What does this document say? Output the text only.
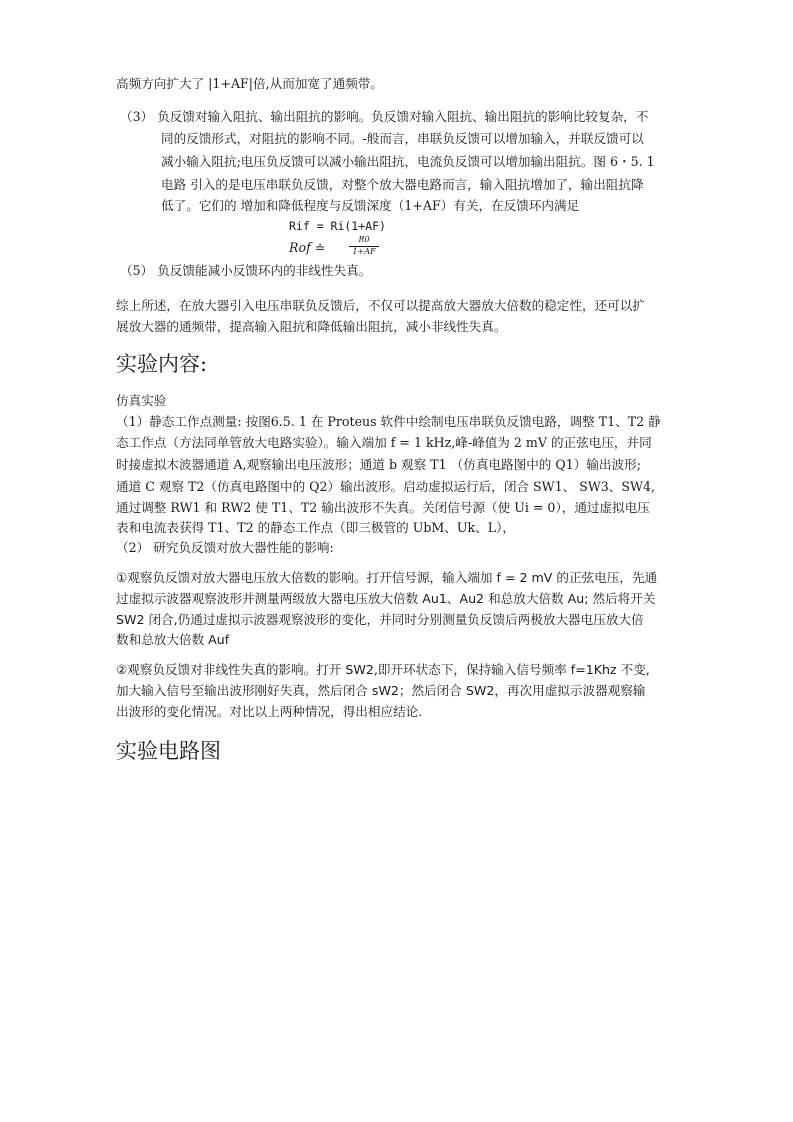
高频方向扩大了 |1+AF|倍,从而加宽了通频带。
（3） 负反馈对输入阻抗、输出阻抗的影响。负反馈对输入阻抗、输出阻抗的影响比较复杂，不
同的反馈形式，对阻抗的影响不同。-般而言，串联负反馈可以增加输入，并联反馈可以
减小输入阻抗;电压负反馈可以减小输出阻抗，电流负反馈可以增加输出阻抗。图 6・5. 1
电路 引入的是电压串联负反馈，对整个放大器电路而言，输入阻抗增加了，输出阻抗降
低了。它们的 增加和降低程度与反馈深度（1+AF）有关，在反馈环内满足
Rif = Ri(1+AF)
Rof ≐
R0
1+AF
（5） 负反馈能减小反馈环内的非线性失真。
综上所述，在放大器引入电压串联负反馈后，不仅可以提高放大器放大倍数的稳定性，还可以扩
展放大器的通频带，提高输入阻抗和降低输出阻抗，减小非线性失真。
实验内容:
仿真实验
（1）静态工作点测量: 按图6.5. 1 在 Proteus 软件中绘制电压串联负反馈电路，调整 T1、T2 静
态工作点（方法同单管放大电路实验）。输入端加 f = 1 kHz,峰-峰值为 2 mV 的正弦电压，并同
时接虚拟木波器通道 A,观察输出电压波形；通道 b 观察 T1 （仿真电路图中的 Q1）输出波形;
通道 C 观察 T2（仿真电路图中的 Q2）输出波形。启动虚拟运行后，闭合 SW1、 SW3、SW4,
通过调整 RW1 和 RW2 使 T1、T2 输出波形不失真。关闭信号源（使 Ui = 0），通过虚拟电压
表和电流表获得 T1、T2 的静态工作点（即三极管的 UbM、Uk、L），
（2） 研究负反馈对放大器性能的影响:
①观察负反馈对放大器电压放大倍数的影响。打开信号源，输入端加 f = 2 mV 的正弦电压，先通
过虚拟示波器观察波形并测量两级放大器电压放大倍数 Au1、Au2 和总放大倍数 Au; 然后将开关
SW2 闭合,仍通过虚拟示波器观察波形的变化，并同时分别测量负反馈后两极放大器电压放大倍
数和总放大倍数 Auf
②观察负反馈对非线性失真的影响。打开 SW2,即开环状态下，保持输入信号频率 f=1Khz 不变,
加大输入信号至输出波形刚好失真，然后闭合 sW2；然后闭合 SW2，再次用虚拟示波器观察输
出波形的变化情况。对比以上两种情况，得出相应结论.
实验电路图
